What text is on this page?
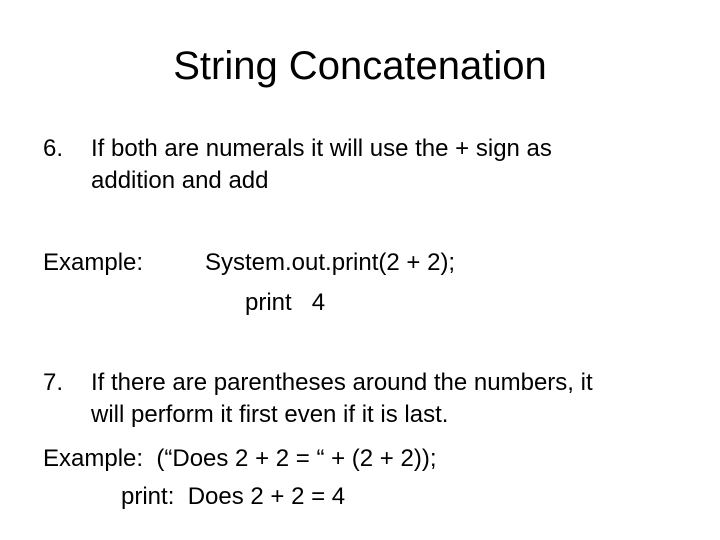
String Concatenation
6. If both are numerals it will use the + sign as
addition and add
Example:	System.out.print(2 + 2);
print   4
7. If there are parentheses around the numbers, it
will perform it first even if it is last.
Example:  (“Does 2 + 2 = “ + (2 + 2));
print:  Does 2 + 2 = 4
